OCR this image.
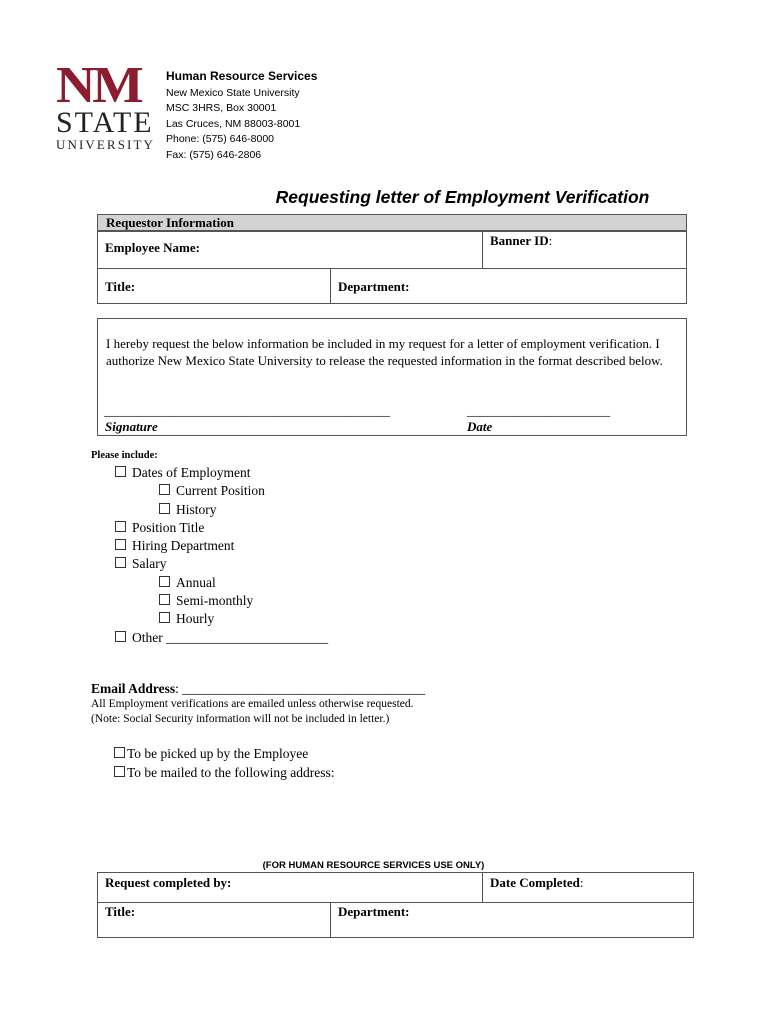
NM
STATE
UNIVERSITY
Human Resource Services
New Mexico State University
MSC 3HRS, Box 30001
Las Cruces, NM 88003-8001
Phone: (575) 646-8000
Fax: (575) 646-2806
Requesting letter of Employment Verification
Requestor Information
Employee Name:	Banner ID:
Title:	Department:
I hereby request the below information be included in my request for a letter of employment verification. I authorize New Mexico State University to release the requested information in the format described below.
____________________________________________	______________________
Signature	Date
Please include:
Dates of Employment
Current Position
History
Position Title
Hiring Department
Salary
Annual
Semi-monthly
Hourly
Other ________________________
Email Address: ____________________________________
All Employment verifications are emailed unless otherwise requested.
(Note: Social Security information will not be included in letter.)
To be picked up by the Employee
To be mailed to the following address:
(FOR HUMAN RESOURCE SERVICES USE ONLY)
Request completed by:	Date Completed:
Title:	Department:
